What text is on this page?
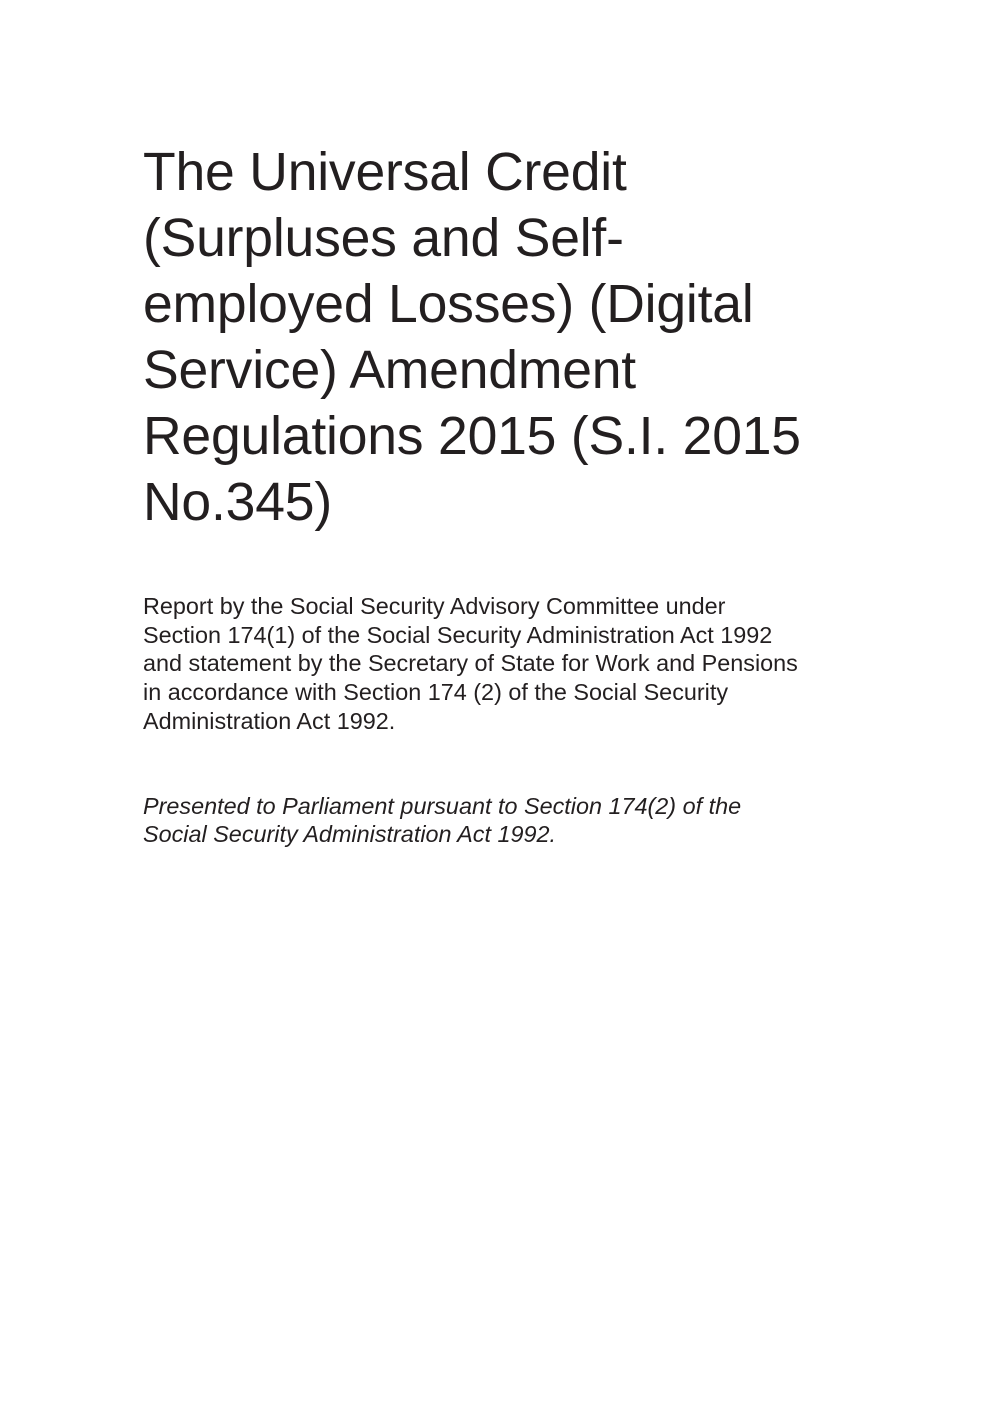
The Universal Credit
(Surpluses and Self-
employed Losses) (Digital
Service) Amendment
Regulations 2015 (S.I. 2015
No.345)

Report by the Social Security Advisory Committee under
Section 174(1) of the Social Security Administration Act 1992
and statement by the Secretary of State for Work and Pensions
in accordance with Section 174 (2) of the Social Security
Administration Act 1992.

Presented to Parliament pursuant to Section 174(2) of the
Social Security Administration Act 1992.
